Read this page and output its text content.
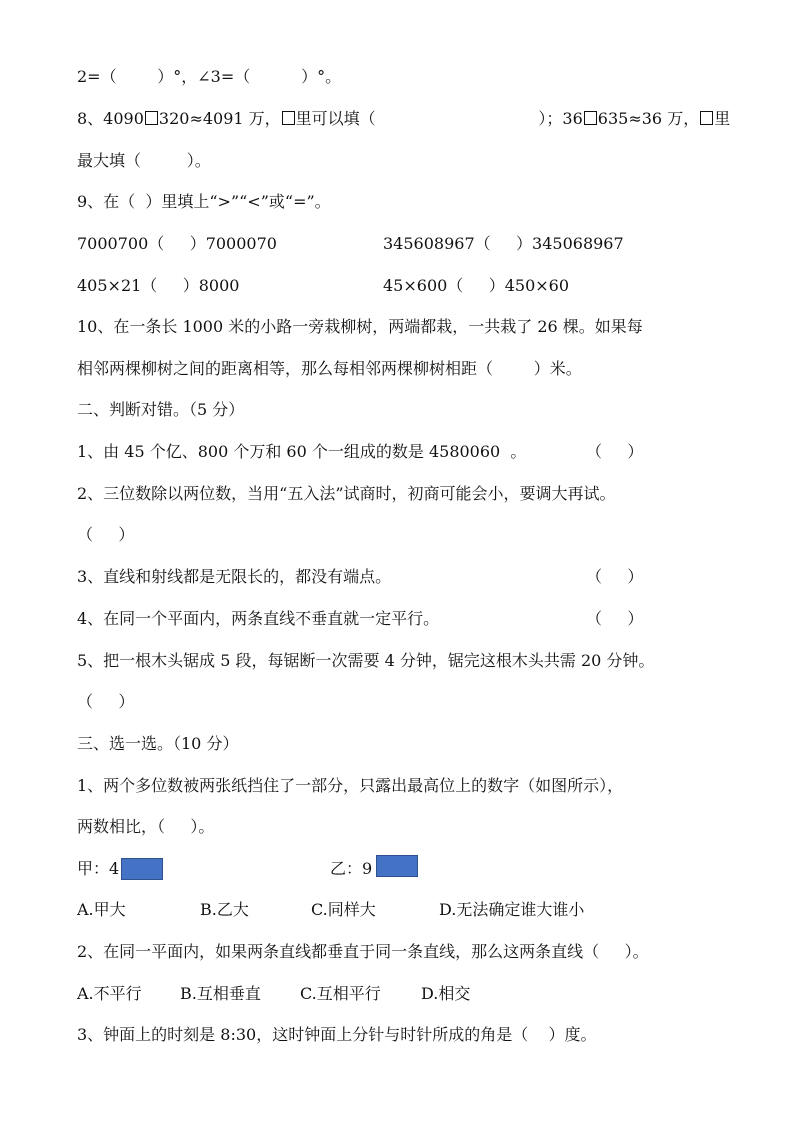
2=（        ）°，∠3=（          ）°。
8、4090 320≈4091 万， 里可以填（                                ）；36 635≈36 万， 里
最大填（         ）。
9、在（  ）里填上“>”“<”或“=”。
7000700（     ）7000070	345608967（     ）345068967
405×21（     ）8000	45×600（     ）450×60
10、在一条长 1000 米的小路一旁栽柳树，两端都栽，一共栽了 26 棵。如果每
相邻两棵柳树之间的距离相等，那么每相邻两棵柳树相距（        ）米。
二、判断对错。（5 分）
1、由 45 个亿、800 个万和 60 个一组成的数是 4580060  。	（     ）
2、三位数除以两位数，当用“五入法”试商时，初商可能会小，要调大再试。
（     ）
3、直线和射线都是无限长的，都没有端点。	（     ）
4、在同一个平面内，两条直线不垂直就一定平行。	（     ）
5、把一根木头锯成 5 段，每锯断一次需要 4 分钟，锯完这根木头共需 20 分钟。
（     ）
三、选一选。（10 分）
1、两个多位数被两张纸挡住了一部分，只露出最高位上的数字（如图所示），
两数相比，（     ）。
甲：4	乙：9
A.甲大	B.乙大	C.同样大	D.无法确定谁大谁小
2、在同一平面内，如果两条直线都垂直于同一条直线，那么这两条直线（     ）。
A.不平行 B.互相垂直 C.互相平行	D.相交
3、钟面上的时刻是 8:30，这时钟面上分针与时针所成的角是（    ）度。
